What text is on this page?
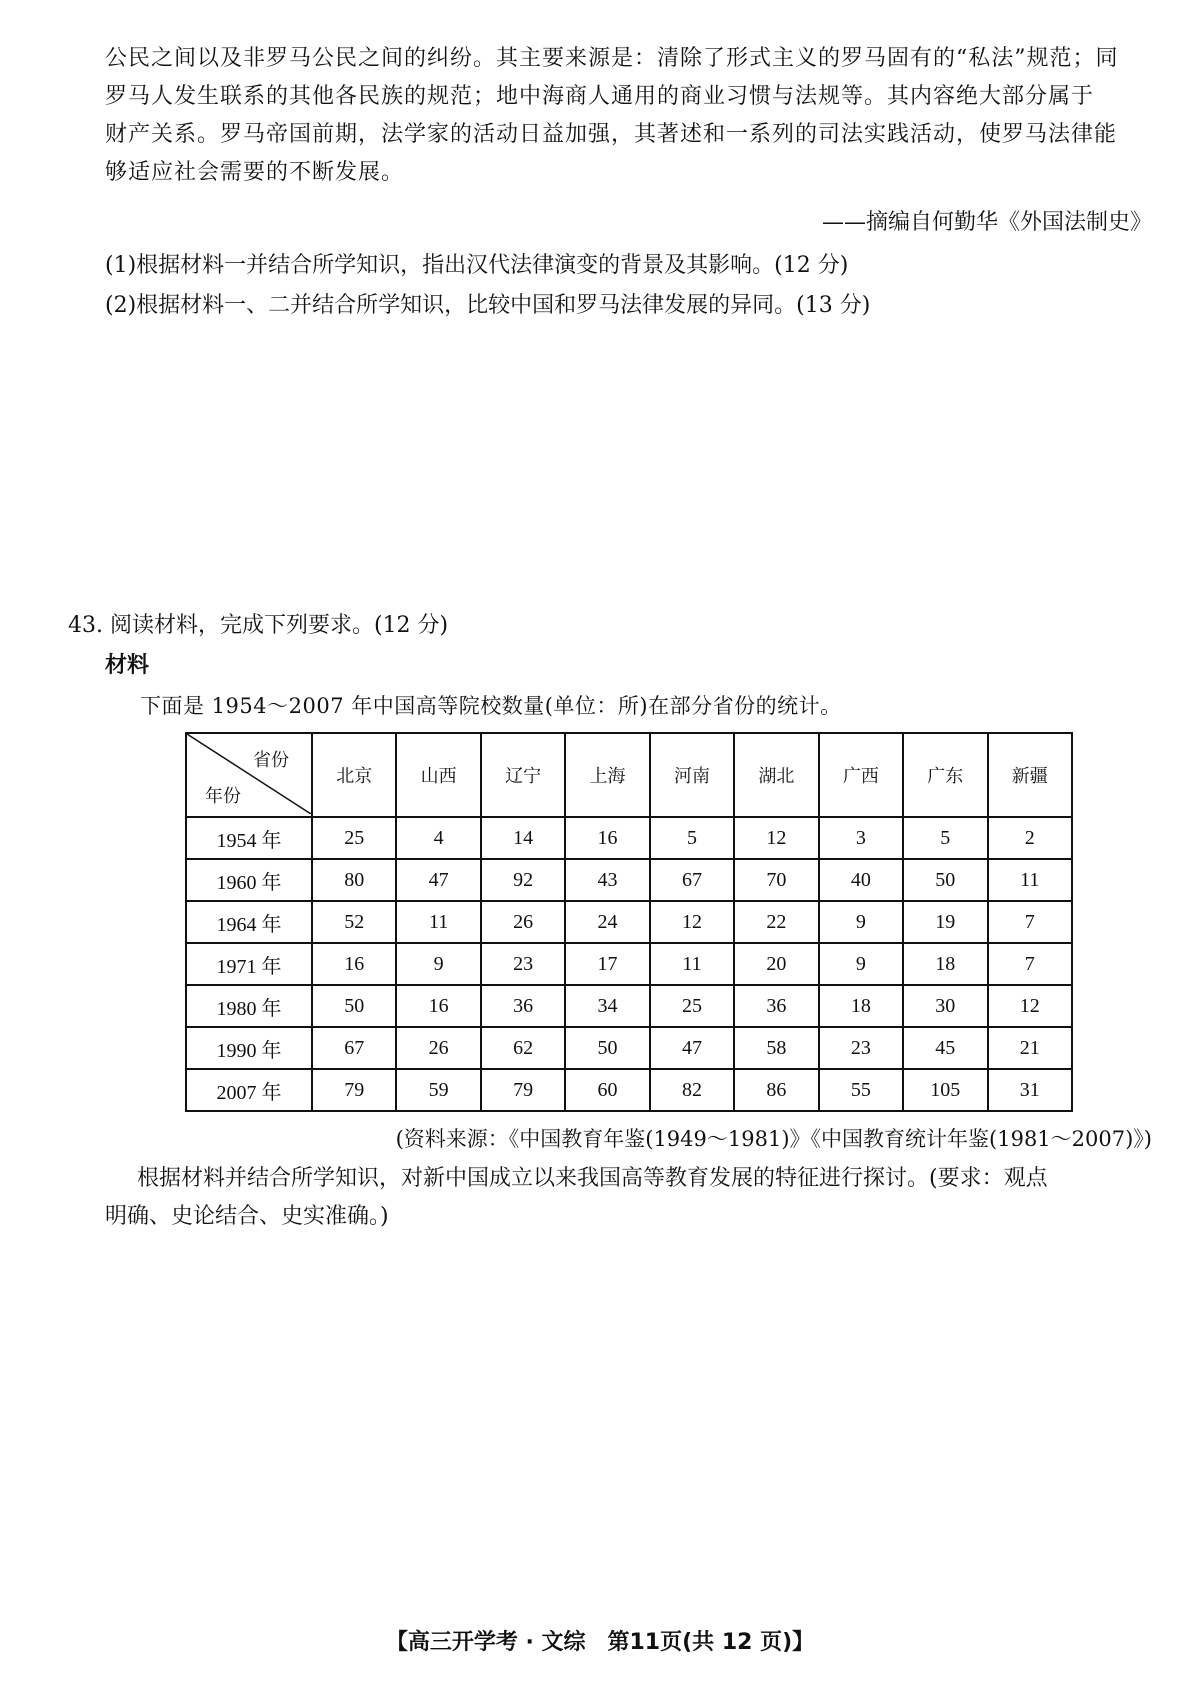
公民之间以及非罗马公民之间的纠纷。其主要来源是：清除了形式主义的罗马固有的“私法”规范；同
罗马人发生联系的其他各民族的规范；地中海商人通用的商业习惯与法规等。其内容绝大部分属于
财产关系。罗马帝国前期，法学家的活动日益加强，其著述和一系列的司法实践活动，使罗马法律能
够适应社会需要的不断发展。
——摘编自何勤华《外国法制史》
(1)根据材料一并结合所学知识，指出汉代法律演变的背景及其影响。(12 分)
(2)根据材料一、二并结合所学知识，比较中国和罗马法律发展的异同。(13 分)
43. 阅读材料，完成下列要求。(12 分)
材料
下面是 1954～2007 年中国高等院校数量(单位：所)在部分省份的统计。
省份
年份	北京	山西	辽宁	上海	河南	湖北	广西	广东	新疆
1954 年	25	4	14	16	5	12	3	5	2
1960 年	80	47	92	43	67	70	40	50	11
1964 年	52	11	26	24	12	22	9	19	7
1971 年	16	9	23	17	11	20	9	18	7
1980 年	50	16	36	34	25	36	18	30	12
1990 年	67	26	62	50	47	58	23	45	21
2007 年	79	59	79	60	82	86	55	105	31
(资料来源：《中国教育年鉴(1949～1981)》《中国教育统计年鉴(1981～2007)》)
根据材料并结合所学知识，对新中国成立以来我国高等教育发展的特征进行探讨。(要求：观点
明确、史论结合、史实准确。)
【高三开学考 · 文综　第11页(共 12 页)】
